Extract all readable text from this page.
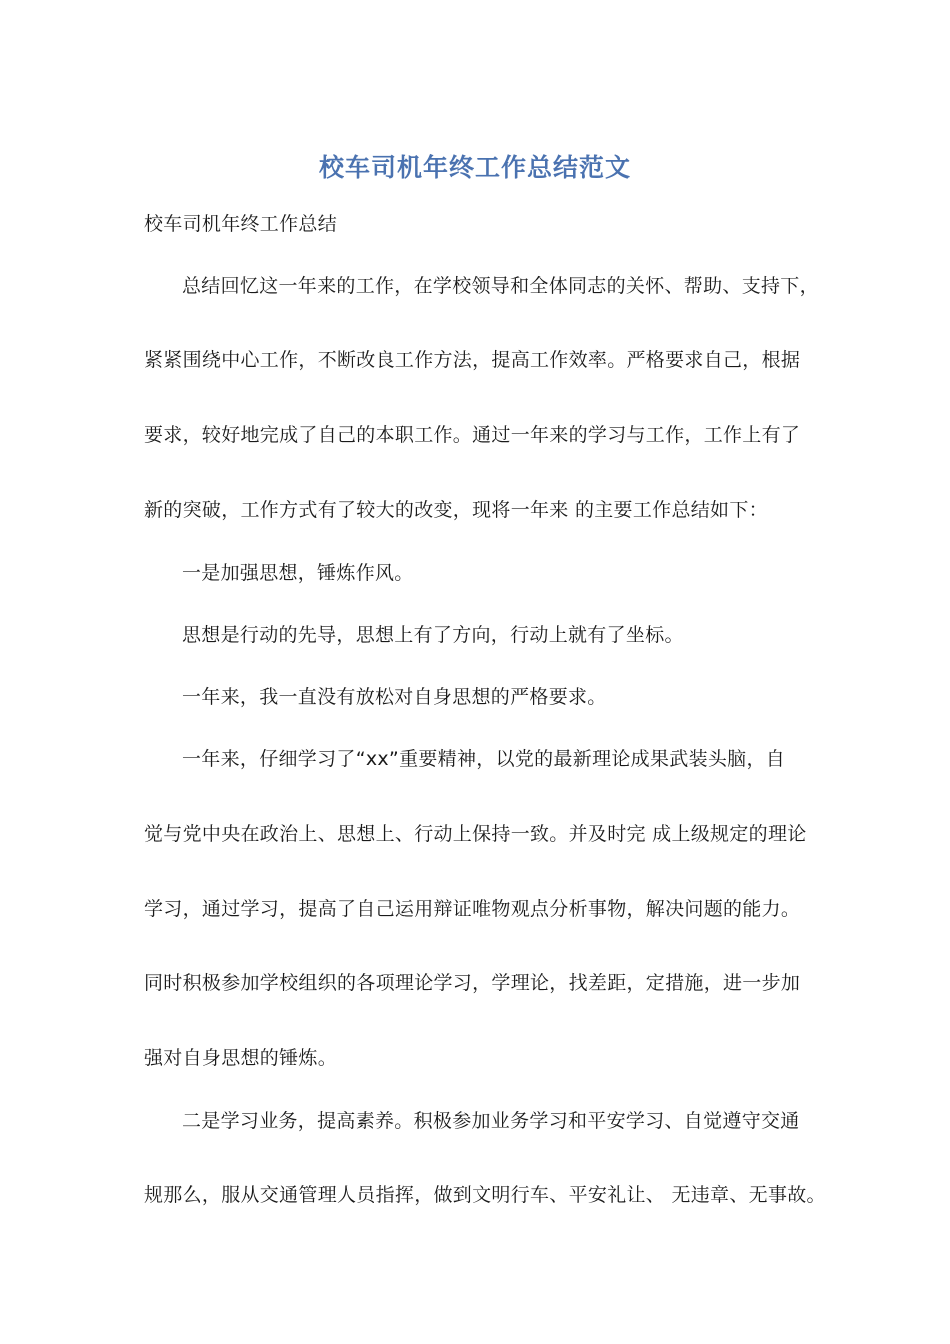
校车司机年终工作总结范文
校车司机年终工作总结
总结回忆这一年来的工作，在学校领导和全体同志的关怀、帮助、支持下，
紧紧围绕中心工作，不断改良工作方法，提高工作效率。严格要求自己，根据
要求，较好地完成了自己的本职工作。通过一年来的学习与工作，工作上有了
新的突破，工作方式有了较大的改变，现将一年来 的主要工作总结如下：
一是加强思想，锤炼作风。
思想是行动的先导，思想上有了方向，行动上就有了坐标。
一年来，我一直没有放松对自身思想的严格要求。
一年来，仔细学习了“xx”重要精神，以党的最新理论成果武装头脑，自
觉与党中央在政治上、思想上、行动上保持一致。并及时完 成上级规定的理论
学习，通过学习，提高了自己运用辩证唯物观点分析事物，解决问题的能力。
同时积极参加学校组织的各项理论学习，学理论，找差距，定措施，进一步加
强对自身思想的锤炼。
二是学习业务，提高素养。积极参加业务学习和平安学习、自觉遵守交通
规那么，服从交通管理人员指挥，做到文明行车、平安礼让、 无违章、无事故。
